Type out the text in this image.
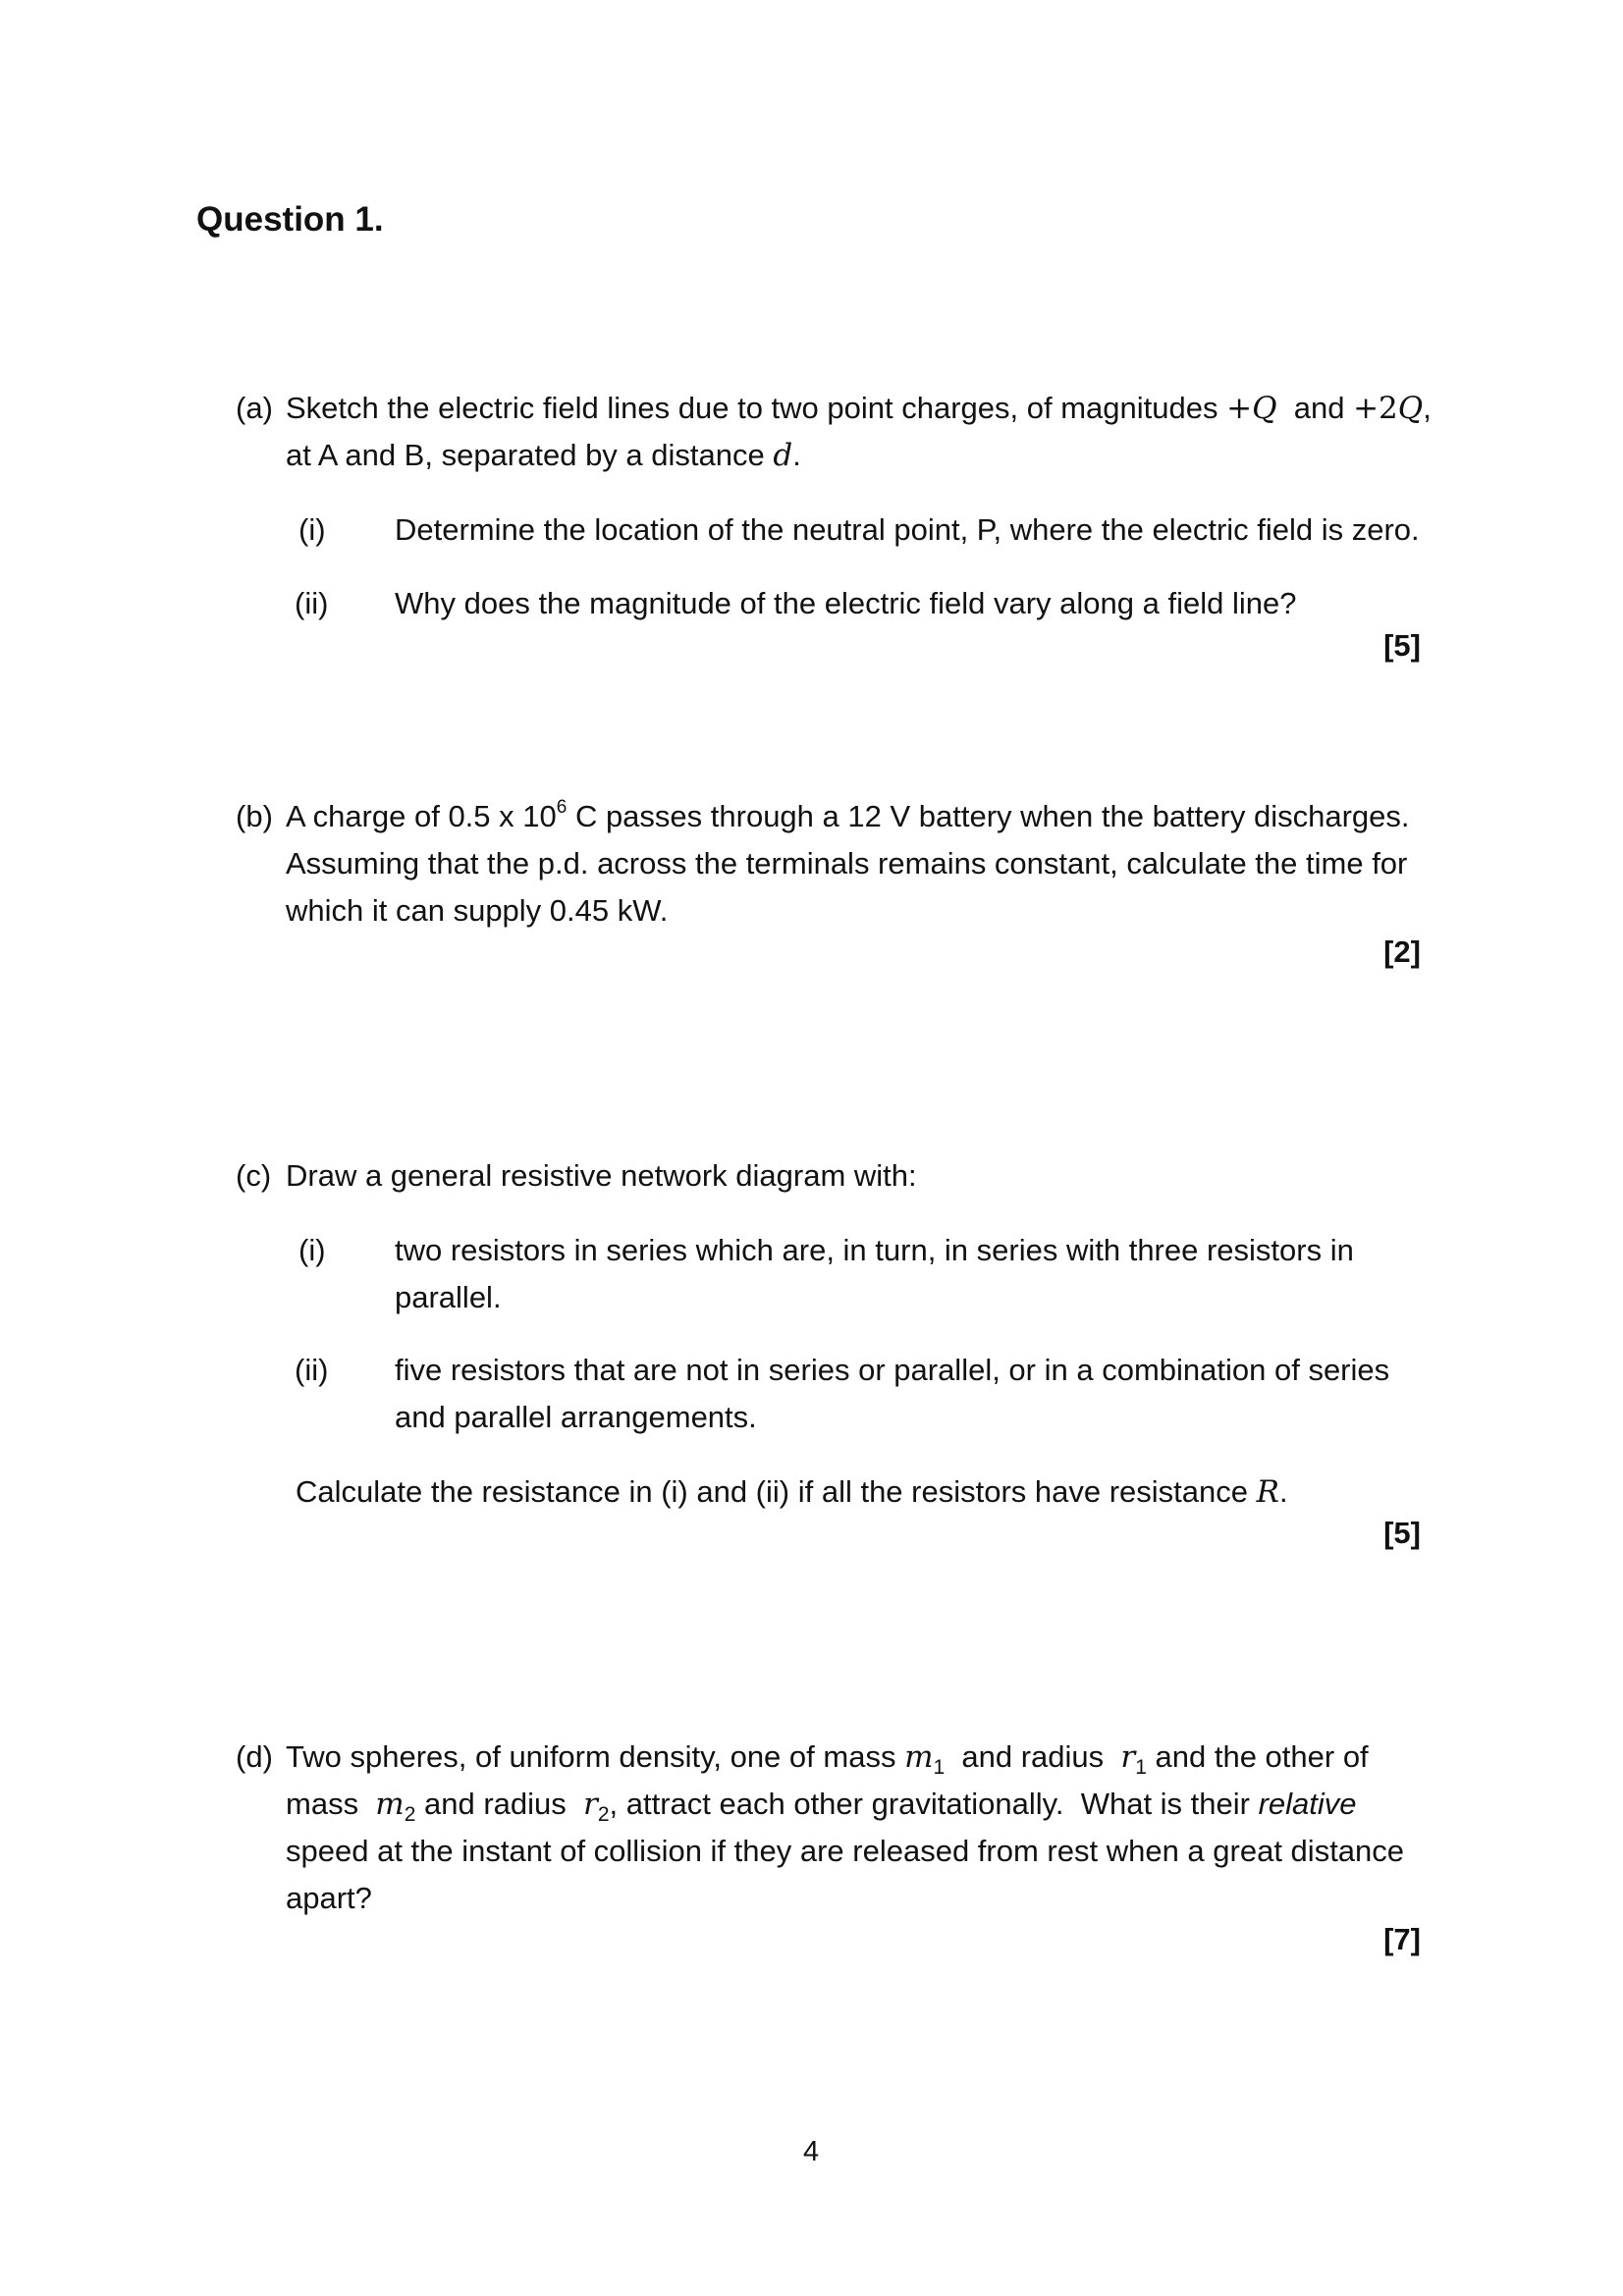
Question 1.
(a) Sketch the electric field lines due to two point charges, of magnitudes +Q  and +2Q,
at A and B, separated by a distance d.
(i) Determine the location of the neutral point, P, where the electric field is zero.
(ii) Why does the magnitude of the electric field vary along a field line?
[5]
(b) A charge of 0.5 x $10^6$ C passes through a 12 V battery when the battery discharges.
Assuming that the p.d. across the terminals remains constant, calculate the time for
which it can supply 0.45 kW.
[2]
(c) Draw a general resistive network diagram with:
(i) two resistors in series which are, in turn, in series with three resistors in
parallel.
(ii) five resistors that are not in series or parallel, or in a combination of series
and parallel arrangements.
Calculate the resistance in (i) and (ii) if all the resistors have resistance R.
[5]
(d) Two spheres, of uniform density, one of mass $m_1$  and radius  $r_1$ and the other of
mass  $m_2$ and radius  $r_2$, attract each other gravitationally.  What is their relative
speed at the instant of collision if they are released from rest when a great distance
apart?
[7]
4
